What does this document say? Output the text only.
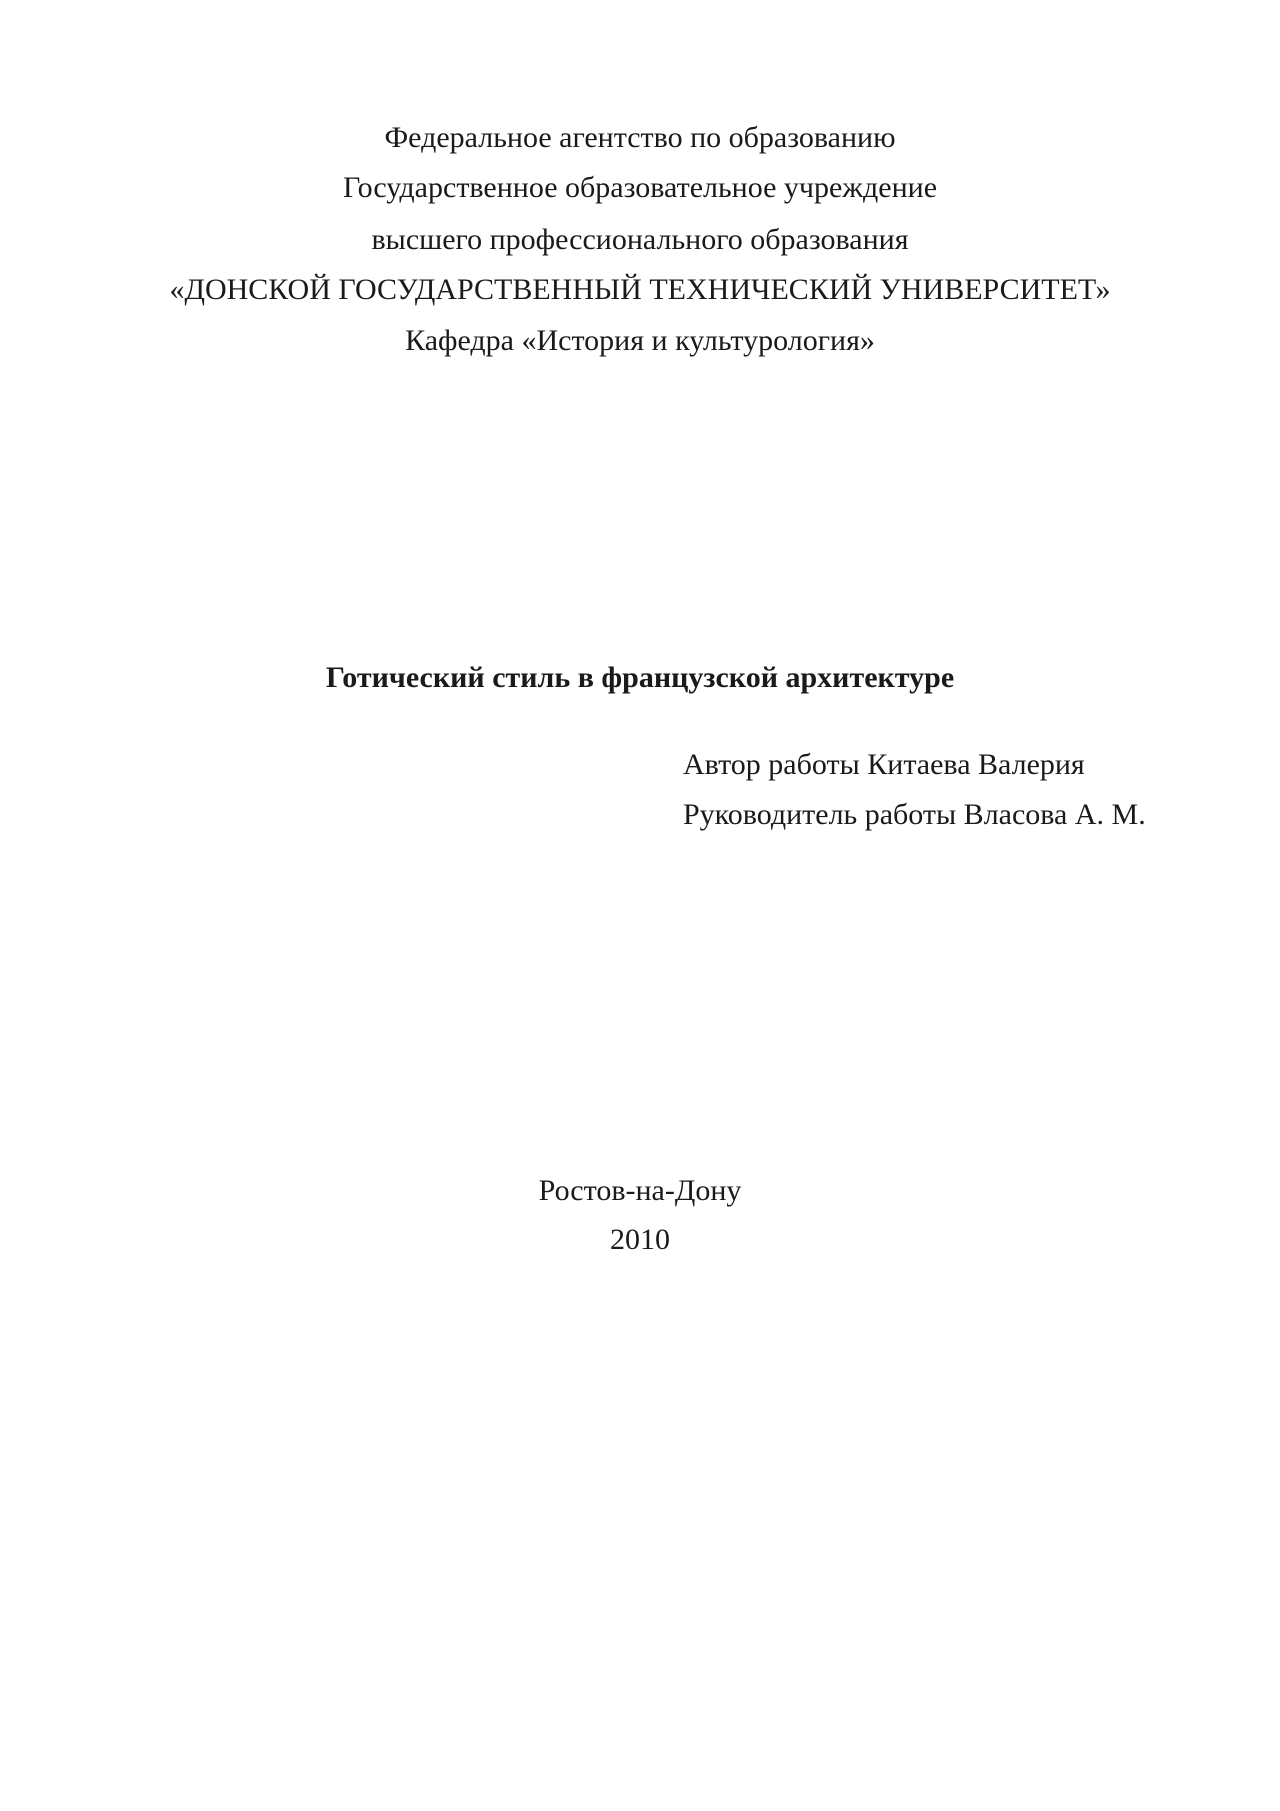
Федеральное агентство по образованию
Государственное образовательное учреждение
высшего профессионального образования
«ДОНСКОЙ ГОСУДАРСТВЕННЫЙ ТЕХНИЧЕСКИЙ УНИВЕРСИТЕТ»
Кафедра «История и культурология»
Готический стиль в французской архитектуре
Автор работы Китаева Валерия
Руководитель работы Власова А. М.
Ростов-на-Дону
2010
